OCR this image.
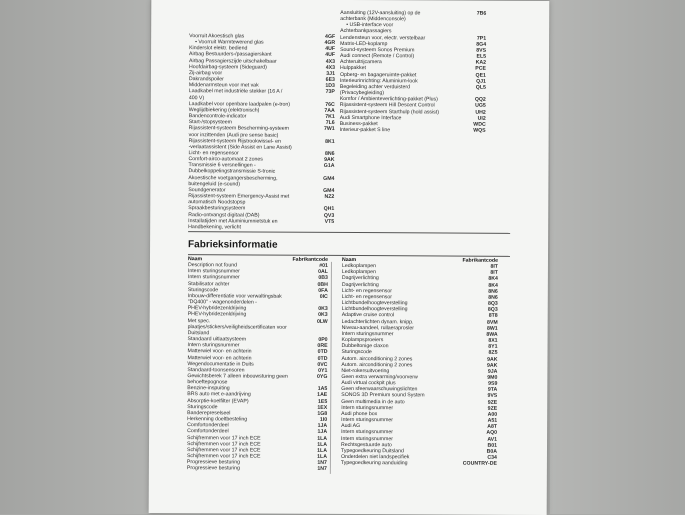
Voorruit Akoestisch glas	4GF
• Voorruit Warmtewerend glas	4GR
Kinderslot elektr. bediend	4UF
Airbag Bestuurders-/passagierskant	4UF
Airbag Passagierszijde uitschakelbaar	4X3
Hoofdairbag-systeem (Sideguard)	4X3
Zij-airbag voor	3J1
Dakrandspoiler	6E3
Middenarmsteun voor met vak	1D3
Laadkabel met industriële stekker (16 A /	73P
400 V)
Laadkabel voor openbare laadpalen (e-tron)	76C
Weglijdbiekering (elektronisch)	7AA
Bandencontrole-indicator	7K1
Start-/stopsysteem	7L6
Rijassistent-systeem Bescherming-systeem	7W1
voor inzittenden (Audi pre sense basic)
Rijassistent-systeem Rijstrookwissel- en	8K1
-verlaatassistent (Side Assist en Lane Assist)
Licht- en regensensor	8N6
Comfort-airco-automaat 2 zones	9AK
Transmissie 6 versnellingen -	G1A
Dubbelkoppelingstransmissie S-tronic
Akoestische voetgangersbescherming,	GM4
buitengeluid (e-sound)
Soundgenerator	GM4
Rijassistent-systeem Emergency-Assist met	NZ2
automatisch Noodstopsp
Spraakbesturingsysteem	QH1
Radio-ontvangst digitaal (DAB)	QV3
Installatijden met Aluminiumnietstuk en	VT5
Handbekening, verlicht
Aansluiting (12V-aansluiting) op de	7B6
achterbank (Middenconsole)
• USB-interface voor
Achterbankpassagiers
Lendensteun voor, electr. verstelbaar	7P1
Matrix-LED-koplamp	8G4
Sound-systeem Sonos Premium	8VS
Audi connect (Remote / Control)	EL5
Achteruitrijcamera	KA2
Hulppakket	PCE
Opberg- en bagageruimte-pakket	QE1
Interieurinrichting: Aluminium-look	QJ1
Begeleiding achter verduisterd	QL5
(Privacybegleiding)
Komfor / Ambienteverlichting-pakket (Plus)	QQ2
Rijassistent-systeem Hill Descent Control	UG5
Rijassistent-systeem Starthulp (hold assist)	UH2
Audi Smartphone Interface	UI2
Business-pakket	WDC
Interieur-pakket S line	WQS
Fabrieksinformatie
Naam	Fabrikantcode
Description not found	#01
Intern sturingsnummer	0AL
Intern sturingsnummer	0B3
Stabilisator achter	0BH
Sturingscode	0FA
Inbouw-differentiatie voor verwaltingsbak	0IC
"DQ400" - wagenonderdelen -
PHEV-hybridezenldrijving	0K3
PHEV-hybridezenldrijving	0K3
Met spec.	0LW
plaatjes/stickers/veiligheidscertificaten voor
Duitsland
Standaard uitlaatsysteem	0P0
Intern sturingsnummer	0RE
Matterwiel voor- en achterin	0TD
Matterwiel voor- en achterin	0TD
Wegendocumentatie in Duits	0VC
Standaard-toonsensoren	0Y1
Gewichtsberek 7 alleen inbouwsturing geen	0YG
behoeftepognose
Benzine-inspuiting	1A5
BRS auto met e-aandrijving	1AE
Absorptie-koelfilter (EVAP)	1E5
Sturingscode	1EX
Banderepreselseel	1G8
Herkenning doeltbesteling	1I0
Comfortonderdeel	1JA
Comfortonderdeel	1JA
Schijfremmen voor 17 inch ECE	1LA
Schijfremmen voor 17 inch ECE	1LA
Schijfremmen voor 17 inch ECE	1LA
Schijfremmen voor 17 inch ECE	1LA
Progressieve besturing	1N7
Progressieve besturing	1N7
Naam	Fabrikantcode
Ledkoplampen	8IT
Ledkoplampen	8IT
Dagrijverlichting	8K4
Dagrijverlichting	8K4
Licht- en regensensor	8N6
Licht- en regensensor	8N6
Lichtbundelhoogteverstelling	8Q3
Lichtbundelhoogteverstelling	8Q3
Adaptive cruise control	8T8
Ledachterlichten dynam. knipp.	8VM
Niveau-aandeel, rullaeraprosler	8W1
Intern sturingsnummer	8WA
Koplampsproeiers	8X1
Dubbeltonige claxon	8Y1
Sturingscode	8Z5
Autom. airconditioning 2 zones	9AK
Autom. airconditioning 2 zones	9AK
Niet-rokersuitvoering	9JA
Geen extra verwarming/voorverw	9M0
Audi virtual cockpit plus	9S9
Geen sfeerwaarschuwingslichten	9TA
SONOS 3D Premium sound System	9VS
Geen multimedia in de auto	9ZE
Intern sturingsnummer	9ZE
Audi phone box	A00
Intern sturingsnummer	A51
Audi AG	A8T
Intern sturingsnummer	AQ0
Intern sturingsnummer	AV1
Rechtsgestuurde auto	B01
Typegoedkeuring Duitsland	B0A
Onderdelen niet landspecifiek	C34
Typegoedkeuring aanduiding	COUNTRY-DE
